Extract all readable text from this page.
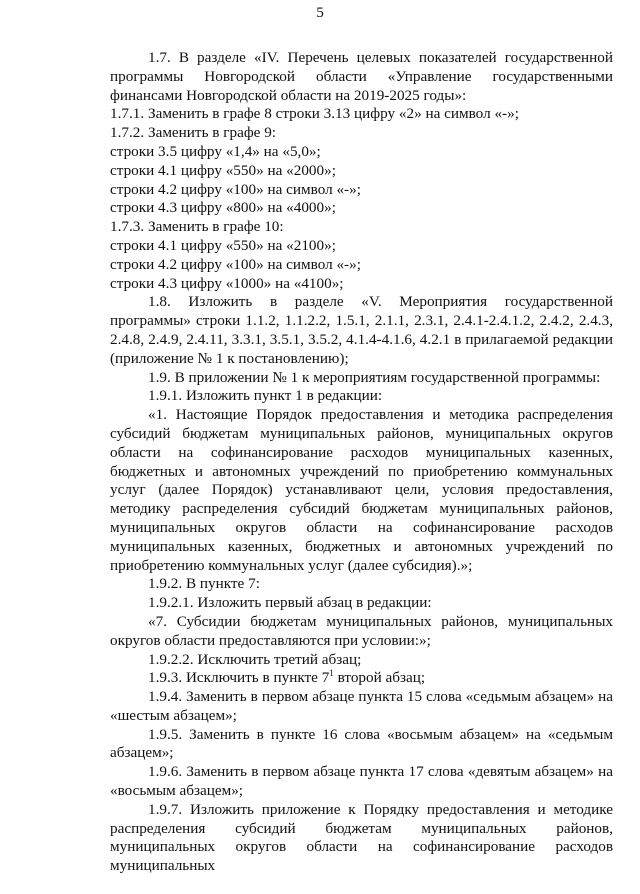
5

1.7. В разделе «IV. Перечень целевых показателей государственной программы Новгородской области «Управление государственными финансами Новгородской области на 2019-2025 годы»:

1.7.1. Заменить в графе 8 строки 3.13 цифру «2» на символ «-»;

1.7.2. Заменить в графе 9:

строки 3.5 цифру «1,4» на «5,0»;

строки 4.1 цифру «550» на «2000»;

строки 4.2 цифру «100» на символ «-»;

строки 4.3 цифру «800» на «4000»;

1.7.3. Заменить в графе 10:

строки 4.1 цифру «550» на «2100»;

строки 4.2 цифру «100» на символ «-»;

строки 4.3 цифру «1000» на «4100»;

1.8. Изложить в разделе «V. Мероприятия государственной программы» строки 1.1.2, 1.1.2.2, 1.5.1, 2.1.1, 2.3.1, 2.4.1-2.4.1.2, 2.4.2, 2.4.3, 2.4.8, 2.4.9, 2.4.11, 3.3.1, 3.5.1, 3.5.2, 4.1.4-4.1.6, 4.2.1 в прилагаемой редакции (приложение № 1 к постановлению);

1.9. В приложении № 1 к мероприятиям государственной программы:

1.9.1. Изложить пункт 1 в редакции:

«1. Настоящие Порядок предоставления и методика распределения субсидий бюджетам муниципальных районов, муниципальных округов области на софинансирование расходов муниципальных казенных, бюджетных и автономных учреждений по приобретению коммунальных услуг (далее Порядок) устанавливают цели, условия предоставления, методику распределения субсидий бюджетам муниципальных районов, муниципальных округов области на софинансирование расходов муниципальных казенных, бюджетных и автономных учреждений по приобретению коммунальных услуг (далее субсидия).»;

1.9.2. В пункте 7:

1.9.2.1. Изложить первый абзац в редакции:

«7. Субсидии бюджетам муниципальных районов, муниципальных округов области предоставляются при условии:»;

1.9.2.2. Исключить третий абзац;

1.9.3. Исключить в пункте $7^1$ второй абзац;

1.9.4. Заменить в первом абзаце пункта 15 слова «седьмым абзацем» на «шестым абзацем»;

1.9.5. Заменить в пункте 16 слова «восьмым абзацем» на «седьмым абзацем»;

1.9.6. Заменить в первом абзаце пункта 17 слова «девятым абзацем» на «восьмым абзацем»;

1.9.7. Изложить приложение к Порядку предоставления и методике распределения субсидий бюджетам муниципальных районов, муниципальных округов области на софинансирование расходов муниципальных
